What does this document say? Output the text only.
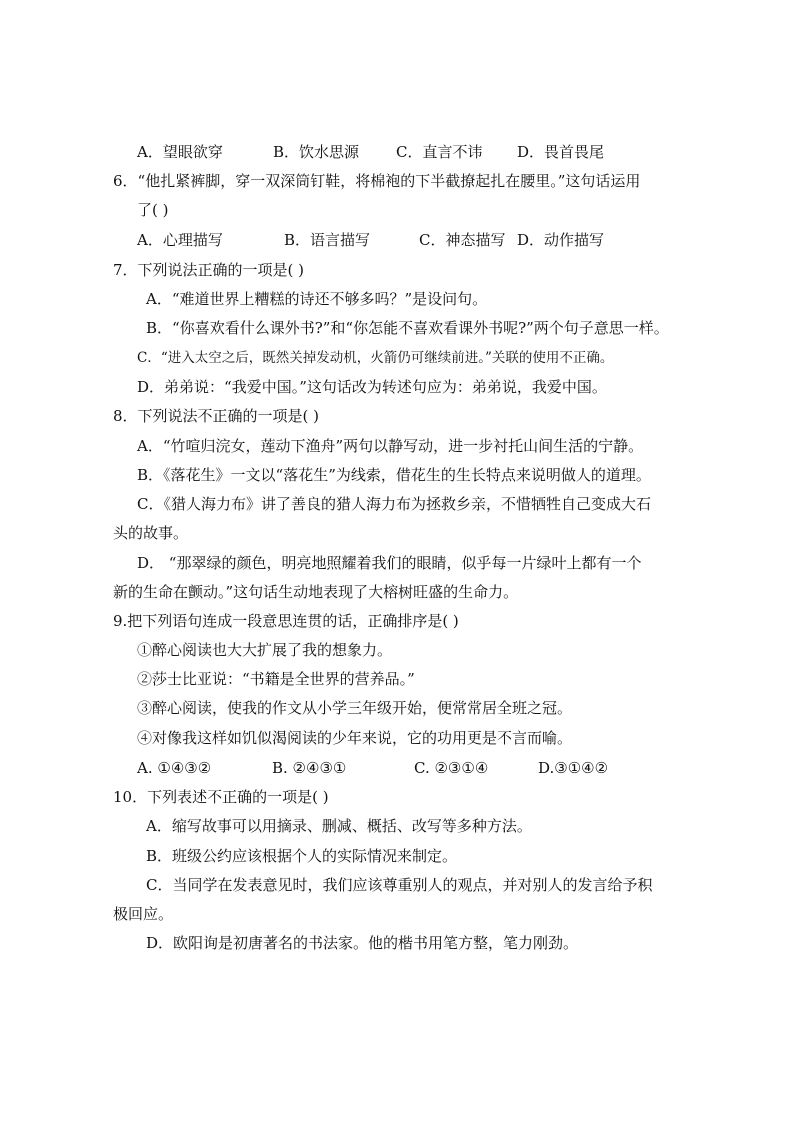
A．望眼欲穿	B．饮水思源 C．直言不讳 D．畏首畏尾
6．“他扎紧裤脚，穿一双深筒钉鞋，将棉袍的下半截撩起扎在腰里。”这句话运用
了( )
A．心理描写	B．语言描写	C．神态描写 D．动作描写
7．下列说法正确的一项是( )
A．“难道世界上糟糕的诗还不够多吗？”是设问句。
B．“你喜欢看什么课外书?”和“你怎能不喜欢看课外书呢?”两个句子意思一样。
C．“进入太空之后，既然关掉发动机，火箭仍可继续前进。”关联的使用不正确。
D．弟弟说：“我爱中国。”这句话改为转述句应为：弟弟说，我爱中国。
8．下列说法不正确的一项是( )
A．“竹喧归浣女，莲动下渔舟”两句以静写动，进一步衬托山间生活的宁静。
B．《落花生》一文以“落花生”为线索，借花生的生长特点来说明做人的道理。
C．《猎人海力布》讲了善良的猎人海力布为拯救乡亲，不惜牺牲自己变成大石
头的故事。
D． “那翠绿的颜色，明亮地照耀着我们的眼睛，似乎每一片绿叶上都有一个
新的生命在颤动。”这句话生动地表现了大榕树旺盛的生命力。
9.把下列语句连成一段意思连贯的话，正确排序是( )
①醉心阅读也大大扩展了我的想象力。
②莎士比亚说：“书籍是全世界的营养品。”
③醉心阅读，使我的作文从小学三年级开始，便常常居全班之冠。
④对像我这样如饥似渴阅读的少年来说，它的功用更是不言而喻。
A. ①④③②	B. ②④③①	C. ②③①④	D.③①④②
10．下列表述不正确的一项是( )
A．缩写故事可以用摘录、删减、概括、改写等多种方法。
B．班级公约应该根据个人的实际情况来制定。
C．当同学在发表意见时，我们应该尊重别人的观点，并对别人的发言给予积
极回应。
D．欧阳询是初唐著名的书法家。他的楷书用笔方整，笔力刚劲。
